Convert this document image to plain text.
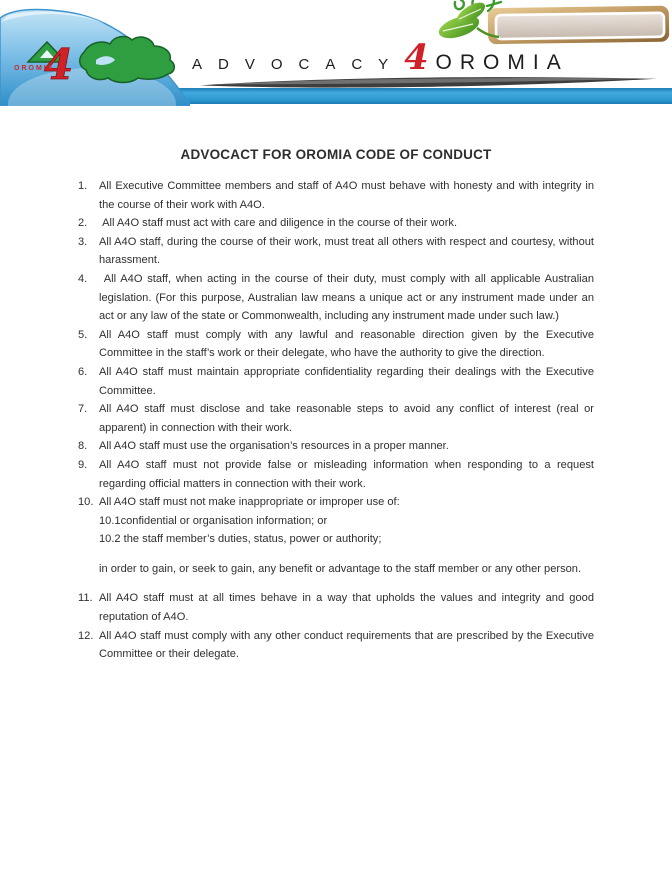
4
OROMIA	ADVOCACY 4 OROMIA
ADVOCACT FOR OROMIA CODE OF CONDUCT
1.	All Executive Committee members and staff of A4O must behave with honesty and with integrity in the course of their work with A4O.
2.	All A4O staff must act with care and diligence in the course of their work.
3.	All A4O staff, during the course of their work, must treat all others with respect and courtesy, without harassment.
4.	All A4O staff, when acting in the course of their duty, must comply with all applicable Australian legislation. (For this purpose, Australian law means a unique act or any instrument made under an act or any law of the state or Commonwealth, including any instrument made under such law.)
5.	All A4O staff must comply with any lawful and reasonable direction given by the Executive Committee in the staff’s work or their delegate, who have the authority to give the direction.
6.	All A4O staff must maintain appropriate confidentiality regarding their dealings with the Executive Committee.
7.	All A4O staff must disclose and take reasonable steps to avoid any conflict of interest (real or apparent) in connection with their work.
8.	All A4O staff must use the organisation’s resources in a proper manner.
9.	All A4O staff must not provide false or misleading information when responding to a request regarding official matters in connection with their work.
10. All A4O staff must not make inappropriate or improper use of:
10.1confidential or organisation information; or
10.2 the staff member’s duties, status, power or authority;

in order to gain, or seek to gain, any benefit or advantage to the staff member or any other person.

11. All A4O staff must at all times behave in a way that upholds the values and integrity and good reputation of A4O.
12. All A4O staff must comply with any other conduct requirements that are prescribed by the Executive Committee or their delegate.
